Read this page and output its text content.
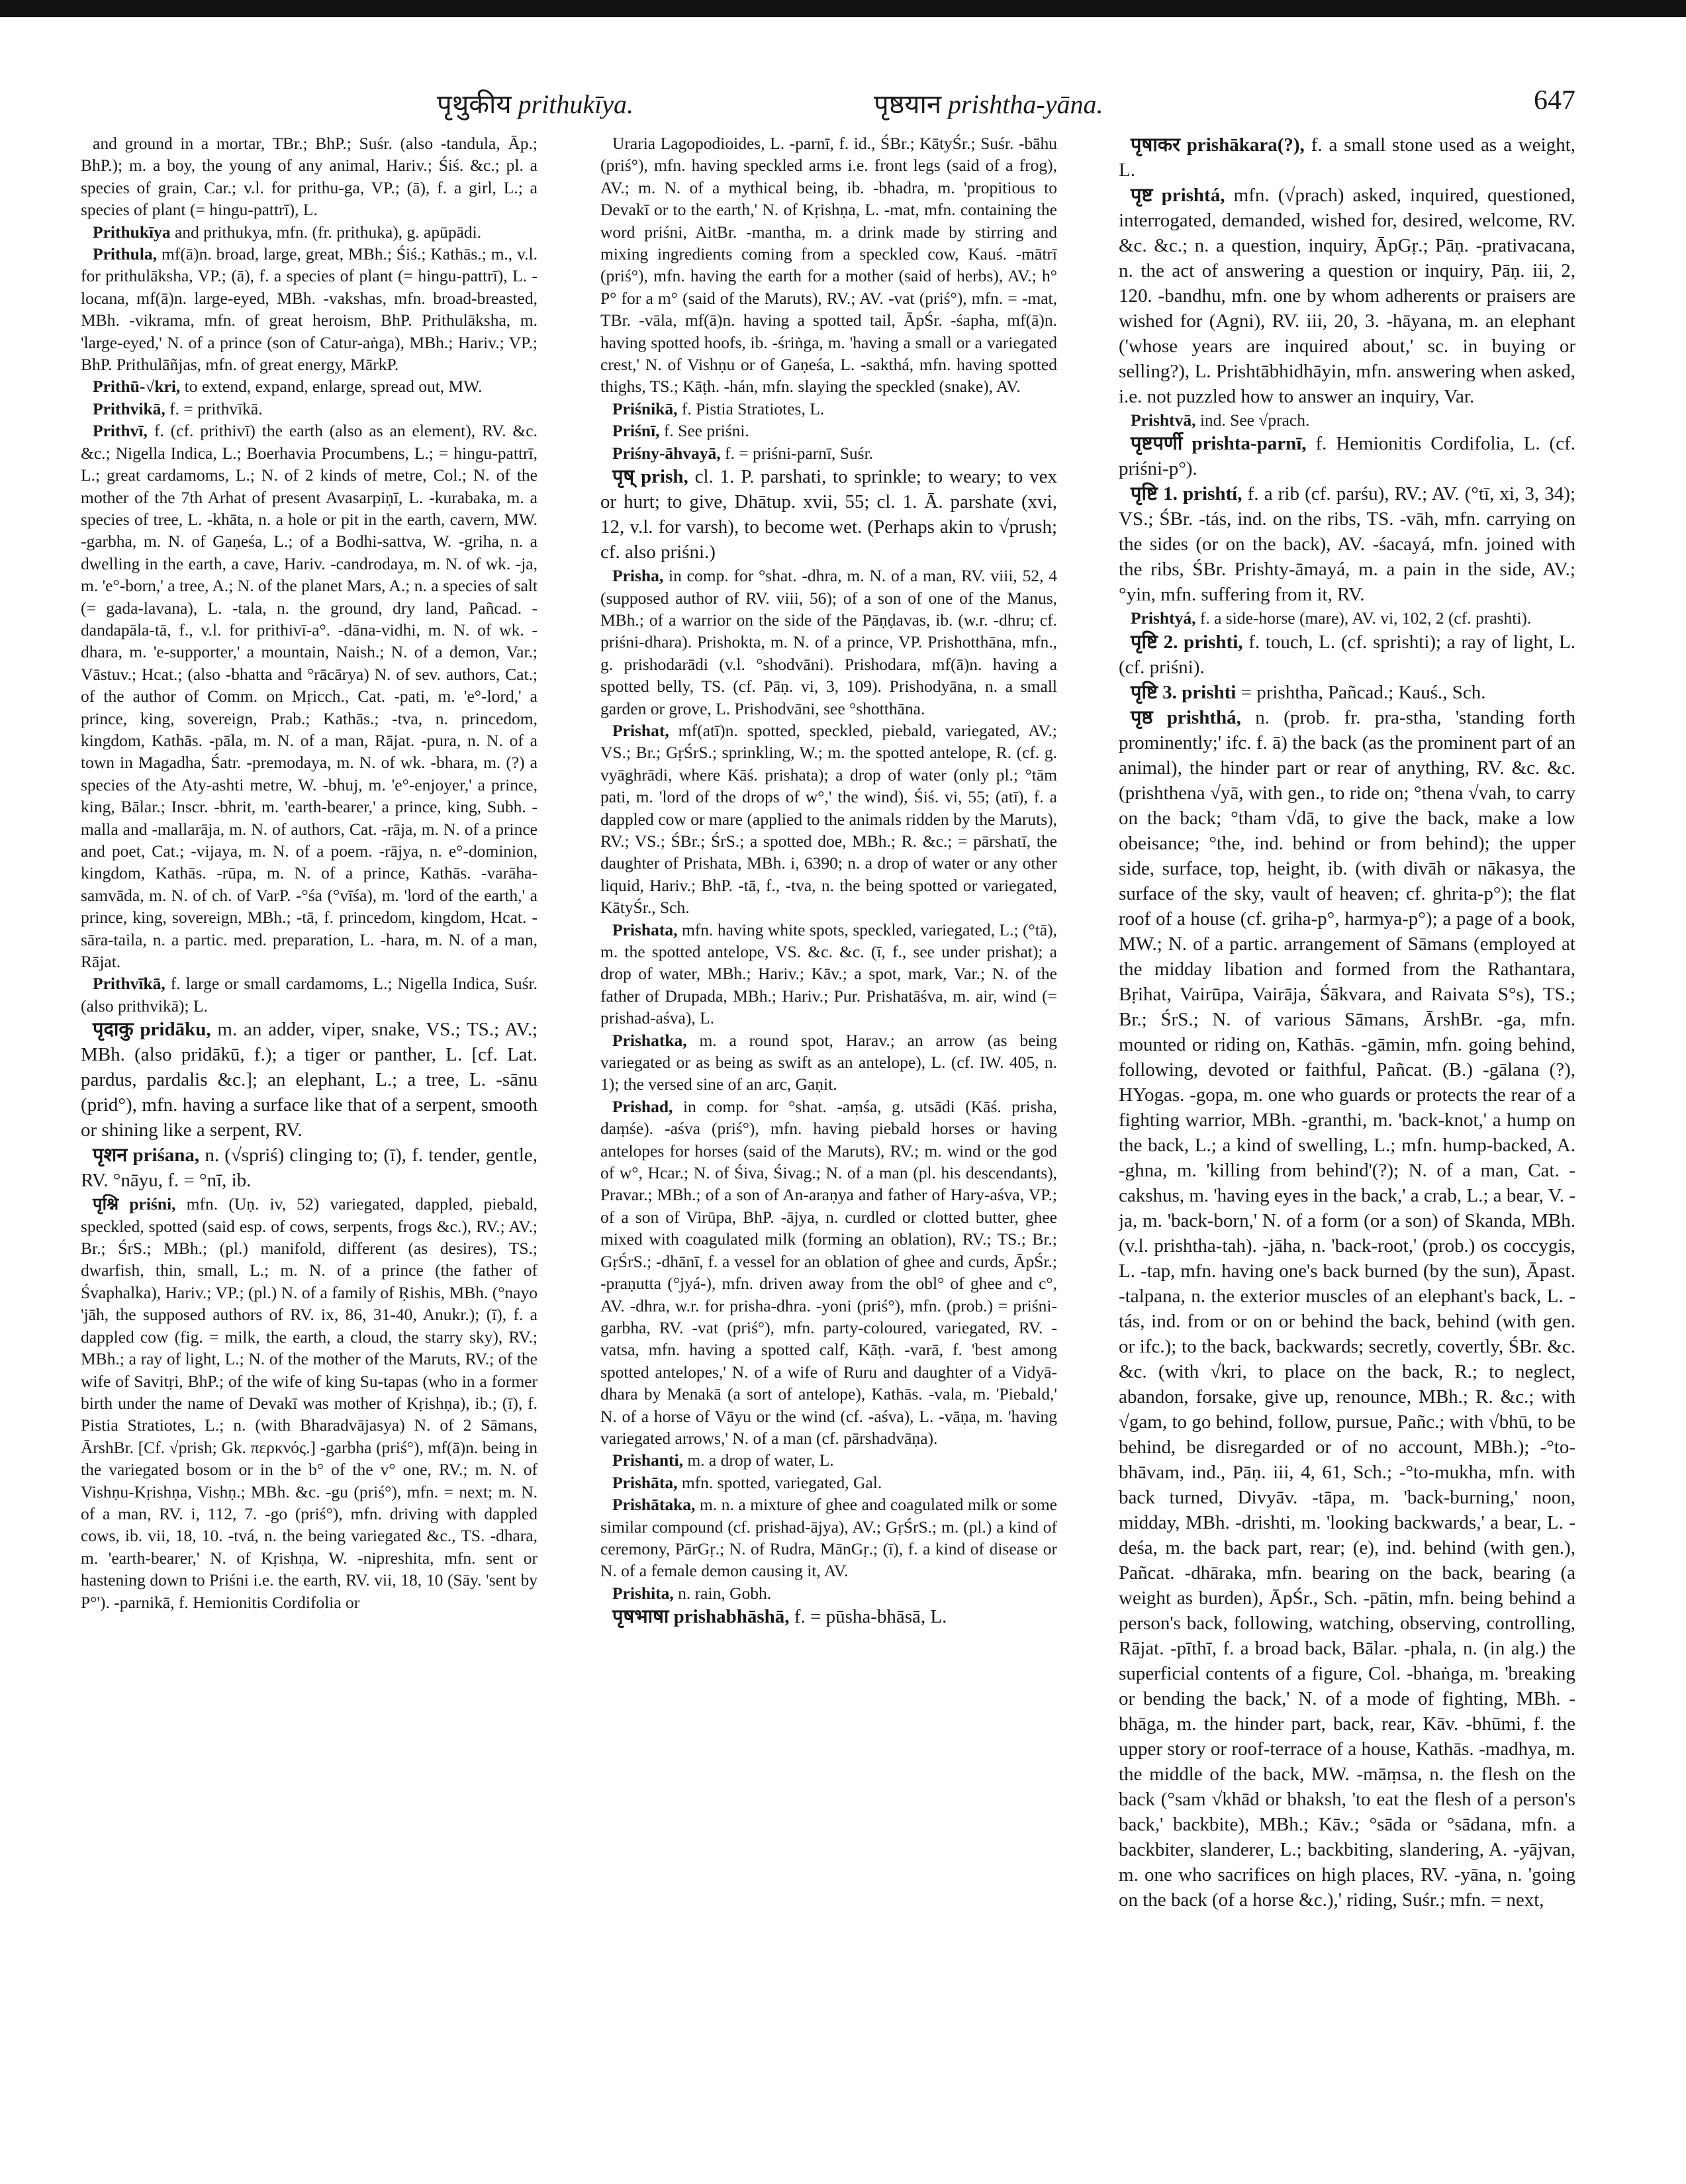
पृथुकीय prithukīya.	पृष्ठयान prishtha-yāna.	647

and ground in a mortar, TBr.; BhP.; Suśr. (also -tandula, Āp.; BhP.); m. a boy, the young of any animal, Hariv.; Śiś. &c.; pl. a species of grain, Car.; v.l. for prithu-ga, VP.; (ā), f. a girl, L.; a species of plant (= hingu-pattrī), L.

Prithukīya and prithukya, mfn. (fr. prithuka), g. apūpādi.

Prithula, mf(ā)n. broad, large, great, MBh.; Śiś.; Kathās.; m., v.l. for prithulāksha, VP.; (ā), f. a species of plant (= hingu-pattrī), L. -locana, mf(ā)n. large-eyed, MBh. -vakshas, mfn. broad-breasted, MBh. -vikrama, mfn. of great heroism, BhP. Prithulāksha, m. 'large-eyed,' N. of a prince (son of Catur-aṅga), MBh.; Hariv.; VP.; BhP. Prithulāñjas, mfn. of great energy, MārkP.

Prithū-√kri, to extend, expand, enlarge, spread out, MW.

Prithvikā, f. = prithvīkā.

Prithvī, f. (cf. prithivī) the earth (also as an element), RV. &c. &c.; Nigella Indica, L.; Boerhavia Procumbens, L.; = hingu-pattrī, L.; great cardamoms, L.; N. of 2 kinds of metre, Col.; N. of the mother of the 7th Arhat of present Avasarpiṇī, L. -kurabaka, m. a species of tree, L. -khāta, n. a hole or pit in the earth, cavern, MW. -garbha, m. N. of Gaṇeśa, L.; of a Bodhi-sattva, W. -griha, n. a dwelling in the earth, a cave, Hariv. -candrodaya, m. N. of wk. -ja, m. 'e°-born,' a tree, A.; N. of the planet Mars, A.; n. a species of salt (= gada-lavana), L. -tala, n. the ground, dry land, Pañcad. -dandapāla-tā, f., v.l. for prithivī-a°. -dāna-vidhi, m. N. of wk. -dhara, m. 'e-supporter,' a mountain, Naish.; N. of a demon, Var.; Vāstuv.; Hcat.; (also -bhatta and °rācārya) N. of sev. authors, Cat.; of the author of Comm. on Mṛicch., Cat. -pati, m. 'e°-lord,' a prince, king, sovereign, Prab.; Kathās.; -tva, n. princedom, kingdom, Kathās. -pāla, m. N. of a man, Rājat. -pura, n. N. of a town in Magadha, Śatr. -premodaya, m. N. of wk. -bhara, m. (?) a species of the Aty-ashti metre, W. -bhuj, m. 'e°-enjoyer,' a prince, king, Bālar.; Inscr. -bhrit, m. 'earth-bearer,' a prince, king, Subh. -malla and -mallarāja, m. N. of authors, Cat. -rāja, m. N. of a prince and poet, Cat.; -vijaya, m. N. of a poem. -rājya, n. e°-dominion, kingdom, Kathās. -rūpa, m. N. of a prince, Kathās. -varāha-samvāda, m. N. of ch. of VarP. -°śa (°vīśa), m. 'lord of the earth,' a prince, king, sovereign, MBh.; -tā, f. princedom, kingdom, Hcat. -sāra-taila, n. a partic. med. preparation, L. -hara, m. N. of a man, Rājat.

Prithvīkā, f. large or small cardamoms, L.; Nigella Indica, Suśr. (also prithvikā); L.

पृदाकु pridāku, m. an adder, viper, snake, VS.; TS.; AV.; MBh. (also pridākū, f.); a tiger or panther, L. [cf. Lat. pardus, pardalis &c.]; an elephant, L.; a tree, L. -sānu (prid°), mfn. having a surface like that of a serpent, smooth or shining like a serpent, RV.

पृशन priśana, n. (√spriś) clinging to; (ī), f. tender, gentle, RV. °nāyu, f. = °nī, ib.

पृश्नि priśni, mfn. (Uṇ. iv, 52) variegated, dappled, piebald, speckled, spotted (said esp. of cows, serpents, frogs &c.), RV.; AV.; Br.; ŚrS.; MBh.; (pl.) manifold, different (as desires), TS.; dwarfish, thin, small, L.; m. N. of a prince (the father of Śvaphalka), Hariv.; VP.; (pl.) N. of a family of Ṛishis, MBh. (°nayo 'jāh, the supposed authors of RV. ix, 86, 31-40, Anukr.); (ī), f. a dappled cow (fig. = milk, the earth, a cloud, the starry sky), RV.; MBh.; a ray of light, L.; N. of the mother of the Maruts, RV.; of the wife of Savitṛi, BhP.; of the wife of king Su-tapas (who in a former birth under the name of Devakī was mother of Kṛishṇa), ib.; (ī), f. Pistia Stratiotes, L.; n. (with Bharadvājasya) N. of 2 Sāmans, ĀrshBr. [Cf. √prish; Gk. περκνός.] -garbha (priś°), mf(ā)n. being in the variegated bosom or in the b° of the v° one, RV.; m. N. of Vishṇu-Kṛishṇa, Vishṇ.; MBh. &c. -gu (priś°), mfn. = next; m. N. of a man, RV. i, 112, 7. -go (priś°), mfn. driving with dappled cows, ib. vii, 18, 10. -tvá, n. the being variegated &c., TS. -dhara, m. 'earth-bearer,' N. of Kṛishṇa, W. -nipreshita, mfn. sent or hastening down to Priśni i.e. the earth, RV. vii, 18, 10 (Sāy. 'sent by P°'). -parnikā, f. Hemionitis Cordifolia or

Uraria Lagopodioides, L. -parnī, f. id., ŚBr.; KātyŚr.; Suśr. -bāhu (priś°), mfn. having speckled arms i.e. front legs (said of a frog), AV.; m. N. of a mythical being, ib. -bhadra, m. 'propitious to Devakī or to the earth,' N. of Kṛishṇa, L. -mat, mfn. containing the word priśni, AitBr. -mantha, m. a drink made by stirring and mixing ingredients coming from a speckled cow, Kauś. -mātrī (priś°), mfn. having the earth for a mother (said of herbs), AV.; h° P° for a m° (said of the Maruts), RV.; AV. -vat (priś°), mfn. = -mat, TBr. -vāla, mf(ā)n. having a spotted tail, ĀpŚr. -śapha, mf(ā)n. having spotted hoofs, ib. -śriṅga, m. 'having a small or a variegated crest,' N. of Vishṇu or of Gaṇeśa, L. -sakthá, mfn. having spotted thighs, TS.; Kāṭh. -hán, mfn. slaying the speckled (snake), AV.

Priśnikā, f. Pistia Stratiotes, L.

Priśnī, f. See priśni.

Priśny-āhvayā, f. = priśni-parnī, Suśr.

पृष् prish, cl. 1. P. parshati, to sprinkle; to weary; to vex or hurt; to give, Dhātup. xvii, 55; cl. 1. Ā. parshate (xvi, 12, v.l. for varsh), to become wet. (Perhaps akin to √prush; cf. also priśni.)

Prisha, in comp. for °shat. -dhra, m. N. of a man, RV. viii, 52, 4 (supposed author of RV. viii, 56); of a son of one of the Manus, MBh.; of a warrior on the side of the Pāṇḍavas, ib. (w.r. -dhru; cf. priśni-dhara). Prishokta, m. N. of a prince, VP. Prishotthāna, mfn., g. prishodarādi (v.l. °shodvāni). Prishodara, mf(ā)n. having a spotted belly, TS. (cf. Pāṇ. vi, 3, 109). Prishodyāna, n. a small garden or grove, L. Prishodvāni, see °shotthāna.

Prishat, mf(atī)n. spotted, speckled, piebald, variegated, AV.; VS.; Br.; GṛŚrS.; sprinkling, W.; m. the spotted antelope, R. (cf. g. vyāghrādi, where Kāś. prishata); a drop of water (only pl.; °tām pati, m. 'lord of the drops of w°,' the wind), Śiś. vi, 55; (atī), f. a dappled cow or mare (applied to the animals ridden by the Maruts), RV.; VS.; ŚBr.; ŚrS.; a spotted doe, MBh.; R. &c.; = pārshatī, the daughter of Prishata, MBh. i, 6390; n. a drop of water or any other liquid, Hariv.; BhP. -tā, f., -tva, n. the being spotted or variegated, KātyŚr., Sch.

Prishata, mfn. having white spots, speckled, variegated, L.; (°tā), m. the spotted antelope, VS. &c. &c. (ī, f., see under prishat); a drop of water, MBh.; Hariv.; Kāv.; a spot, mark, Var.; N. of the father of Drupada, MBh.; Hariv.; Pur. Prishatāśva, m. air, wind (= prishad-aśva), L.

Prishatka, m. a round spot, Harav.; an arrow (as being variegated or as being as swift as an antelope), L. (cf. IW. 405, n. 1); the versed sine of an arc, Gaṇit.

Prishad, in comp. for °shat. -aṃśa, g. utsādi (Kāś. prisha, daṃśe). -aśva (priś°), mfn. having piebald horses or having antelopes for horses (said of the Maruts), RV.; m. wind or the god of w°, Hcar.; N. of Śiva, Śivag.; N. of a man (pl. his descendants), Pravar.; MBh.; of a son of An-araṇya and father of Hary-aśva, VP.; of a son of Virūpa, BhP. -ājya, n. curdled or clotted butter, ghee mixed with coagulated milk (forming an oblation), RV.; TS.; Br.; GṛŚrS.; -dhānī, f. a vessel for an oblation of ghee and curds, ĀpŚr.; -praṇutta (°jyá-), mfn. driven away from the obl° of ghee and c°, AV. -dhra, w.r. for prisha-dhra. -yoni (priś°), mfn. (prob.) = priśni-garbha, RV. -vat (priś°), mfn. party-coloured, variegated, RV. -vatsa, mfn. having a spotted calf, Kāṭh. -varā, f. 'best among spotted antelopes,' N. of a wife of Ruru and daughter of a Vidyā-dhara by Menakā (a sort of antelope), Kathās. -vala, m. 'Piebald,' N. of a horse of Vāyu or the wind (cf. -aśva), L. -vāṇa, m. 'having variegated arrows,' N. of a man (cf. pārshadvāṇa).

Prishanti, m. a drop of water, L.

Prishāta, mfn. spotted, variegated, Gal.

Prishātaka, m. n. a mixture of ghee and coagulated milk or some similar compound (cf. prishad-ājya), AV.; GṛŚrS.; m. (pl.) a kind of ceremony, PārGṛ.; N. of Rudra, MānGṛ.; (ī), f. a kind of disease or N. of a female demon causing it, AV.

Prishita, n. rain, Gobh.

पृषभाषा prishabhāshā, f. = pūsha-bhāsā, L.

पृषाकर prishākara(?), f. a small stone used as a weight, L.

पृष्ट prishtá, mfn. (√prach) asked, inquired, questioned, interrogated, demanded, wished for, desired, welcome, RV. &c. &c.; n. a question, inquiry, ĀpGṛ.; Pāṇ. -prativacana, n. the act of answering a question or inquiry, Pāṇ. iii, 2, 120. -bandhu, mfn. one by whom adherents or praisers are wished for (Agni), RV. iii, 20, 3. -hāyana, m. an elephant ('whose years are inquired about,' sc. in buying or selling?), L. Prishtābhidhāyin, mfn. answering when asked, i.e. not puzzled how to answer an inquiry, Var.

Prishtvā, ind. See √prach.

पृष्टपर्णी prishta-parnī, f. Hemionitis Cordifolia, L. (cf. priśni-p°).

पृष्टि 1. prishtí, f. a rib (cf. parśu), RV.; AV. (°tī, xi, 3, 34); VS.; ŚBr. -tás, ind. on the ribs, TS. -vāh, mfn. carrying on the sides (or on the back), AV. -śacayá, mfn. joined with the ribs, ŚBr. Prishty-āmayá, m. a pain in the side, AV.; °yin, mfn. suffering from it, RV.

Prishtyá, f. a side-horse (mare), AV. vi, 102, 2 (cf. prashti).

पृष्टि 2. prishti, f. touch, L. (cf. sprishti); a ray of light, L. (cf. priśni).

पृष्टि 3. prishti = prishtha, Pañcad.; Kauś., Sch.

पृष्ठ prishthá, n. (prob. fr. pra-stha, 'standing forth prominently;' ifc. f. ā) the back (as the prominent part of an animal), the hinder part or rear of anything, RV. &c. &c. (prishthena √yā, with gen., to ride on; °thena √vah, to carry on the back; °tham √dā, to give the back, make a low obeisance; °the, ind. behind or from behind); the upper side, surface, top, height, ib. (with divāh or nākasya, the surface of the sky, vault of heaven; cf. ghrita-p°); the flat roof of a house (cf. griha-p°, harmya-p°); a page of a book, MW.; N. of a partic. arrangement of Sāmans (employed at the midday libation and formed from the Rathantara, Bṛihat, Vairūpa, Vairāja, Śākvara, and Raivata S°s), TS.; Br.; ŚrS.; N. of various Sāmans, ĀrshBr. -ga, mfn. mounted or riding on, Kathās. -gāmin, mfn. going behind, following, devoted or faithful, Pañcat. (B.) -gālana (?), HYogas. -gopa, m. one who guards or protects the rear of a fighting warrior, MBh. -granthi, m. 'back-knot,' a hump on the back, L.; a kind of swelling, L.; mfn. hump-backed, A. -ghna, m. 'killing from behind'(?); N. of a man, Cat. -cakshus, m. 'having eyes in the back,' a crab, L.; a bear, V. -ja, m. 'back-born,' N. of a form (or a son) of Skanda, MBh. (v.l. prishtha-tah). -jāha, n. 'back-root,' (prob.) os coccygis, L. -tap, mfn. having one's back burned (by the sun), Āpast. -talpana, n. the exterior muscles of an elephant's back, L. -tás, ind. from or on or behind the back, behind (with gen. or ifc.); to the back, backwards; secretly, covertly, ŚBr. &c. &c. (with √kri, to place on the back, R.; to neglect, abandon, forsake, give up, renounce, MBh.; R. &c.; with √gam, to go behind, follow, pursue, Pañc.; with √bhū, to be behind, be disregarded or of no account, MBh.); -°to-bhāvam, ind., Pāṇ. iii, 4, 61, Sch.; -°to-mukha, mfn. with back turned, Divyāv. -tāpa, m. 'back-burning,' noon, midday, MBh. -drishti, m. 'looking backwards,' a bear, L. -deśa, m. the back part, rear; (e), ind. behind (with gen.), Pañcat. -dhāraka, mfn. bearing on the back, bearing (a weight as burden), ĀpŚr., Sch. -pātin, mfn. being behind a person's back, following, watching, observing, controlling, Rājat. -pīthī, f. a broad back, Bālar. -phala, n. (in alg.) the superficial contents of a figure, Col. -bhaṅga, m. 'breaking or bending the back,' N. of a mode of fighting, MBh. -bhāga, m. the hinder part, back, rear, Kāv. -bhūmi, f. the upper story or roof-terrace of a house, Kathās. -madhya, m. the middle of the back, MW. -māṃsa, n. the flesh on the back (°sam √khād or bhaksh, 'to eat the flesh of a person's back,' backbite), MBh.; Kāv.; °sāda or °sādana, mfn. a backbiter, slanderer, L.; backbiting, slandering, A. -yājvan, m. one who sacrifices on high places, RV. -yāna, n. 'going on the back (of a horse &c.),' riding, Suśr.; mfn. = next,
